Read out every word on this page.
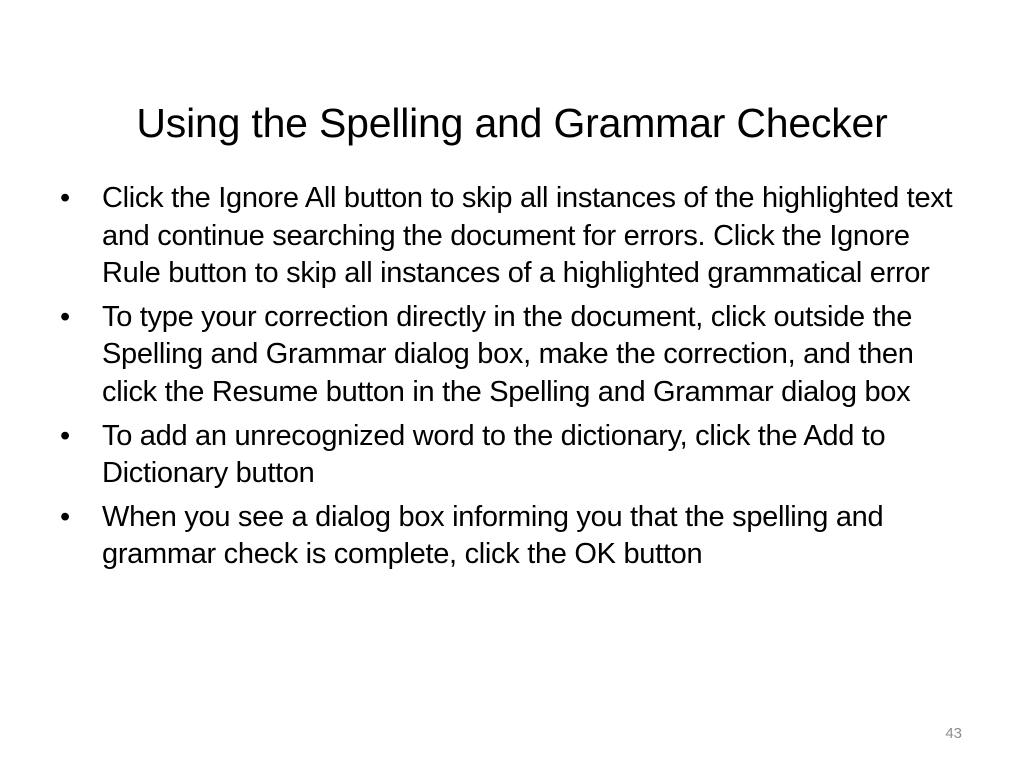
Using the Spelling and Grammar Checker
•	Click the Ignore All button to skip all instances of the highlighted text and continue searching the document for errors. Click the Ignore Rule button to skip all instances of a highlighted grammatical error
•	To type your correction directly in the document, click outside the Spelling and Grammar dialog box, make the correction, and then click the Resume button in the Spelling and Grammar dialog box
•	To add an unrecognized word to the dictionary, click the Add to Dictionary button
•	When you see a dialog box informing you that the spelling and grammar check is complete, click the OK button
43
